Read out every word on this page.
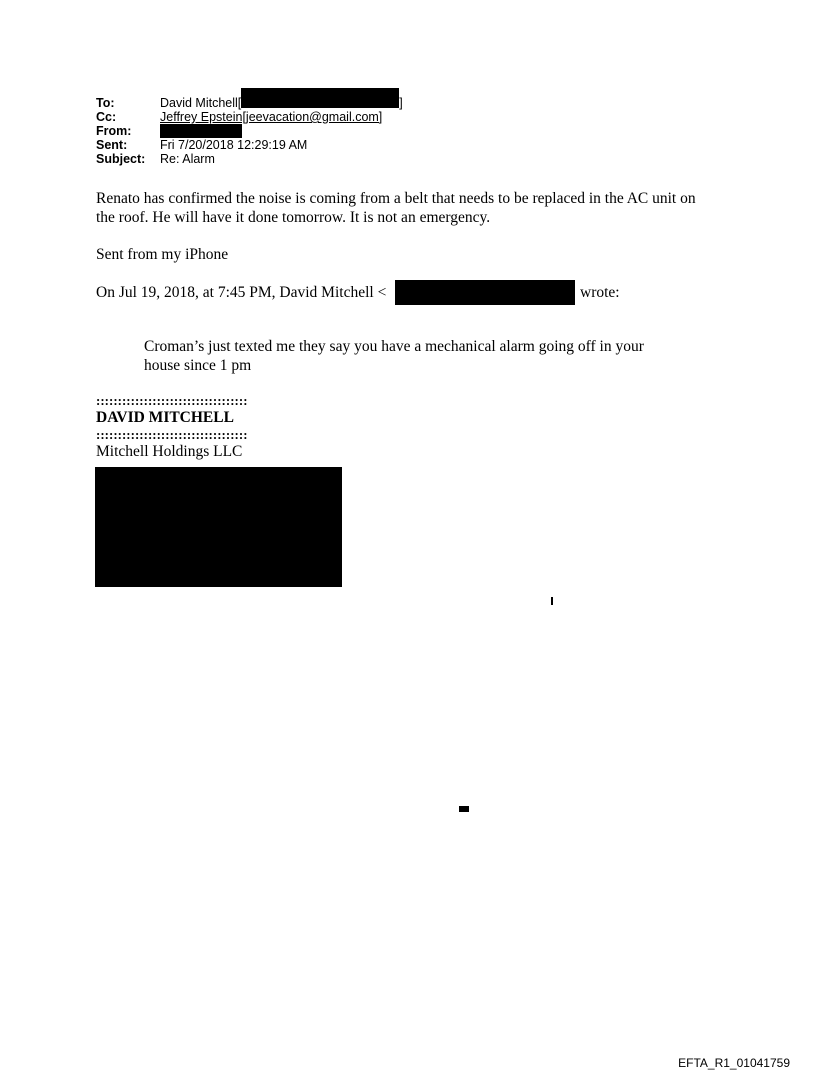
To:	David Mitchell[	]
Cc:	Jeffrey Epstein[jeevacation@gmail.com]
From:
Sent:	Fri 7/20/2018 12:29:19 AM
Subject:	Re: Alarm
Renato has confirmed the noise is coming from a belt that needs to be replaced in the AC unit on
the roof. He will have it done tomorrow. It is not an emergency.
Sent from my iPhone
On Jul 19, 2018, at 7:45 PM, David Mitchell <	wrote:
Croman’s just texted me they say you have a mechanical alarm going off in your
house since 1 pm
:::::::::::::::::::::::::::::::::::
DAVID MITCHELL
:::::::::::::::::::::::::::::::::::
Mitchell Holdings LLC
EFTA_R1_01041759
